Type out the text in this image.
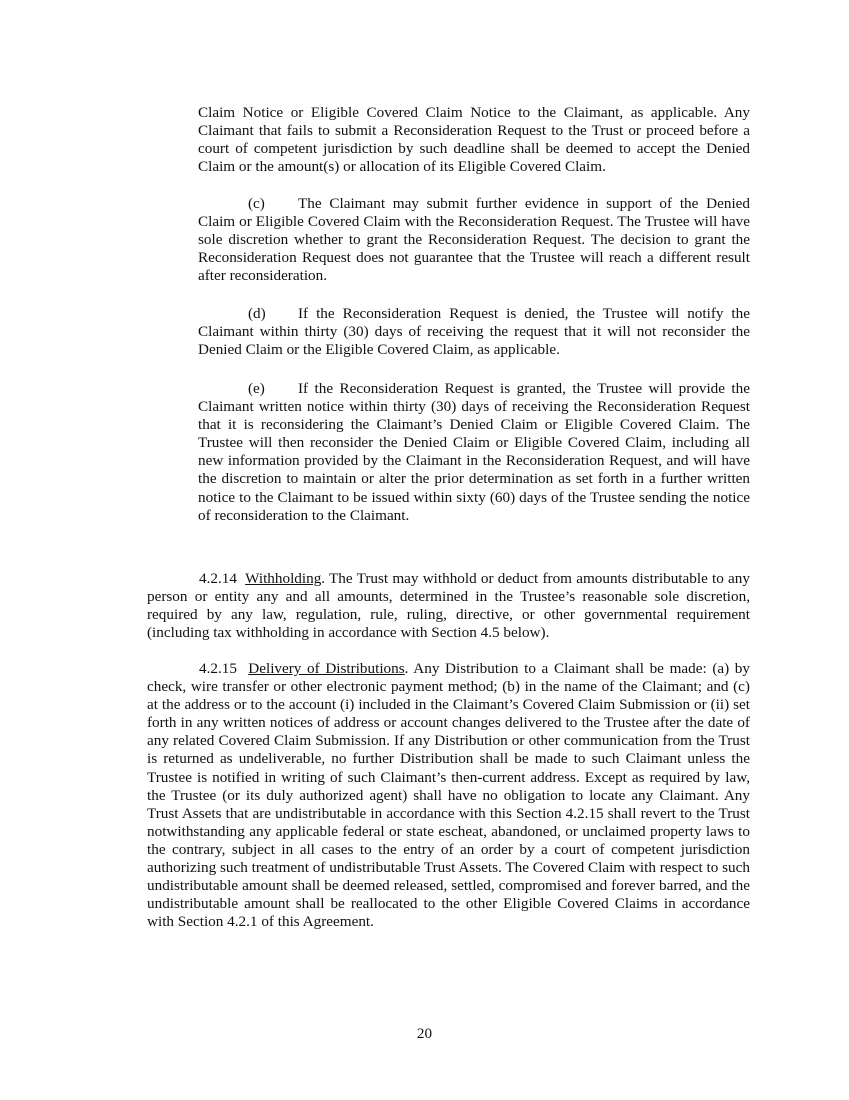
Claim Notice or Eligible Covered Claim Notice to the Claimant, as applicable. Any Claimant that fails to submit a Reconsideration Request to the Trust or proceed before a court of competent jurisdiction by such deadline shall be deemed to accept the Denied Claim or the amount(s) or allocation of its Eligible Covered Claim.

(c) The Claimant may submit further evidence in support of the Denied Claim or Eligible Covered Claim with the Reconsideration Request. The Trustee will have sole discretion whether to grant the Reconsideration Request. The decision to grant the Reconsideration Request does not guarantee that the Trustee will reach a different result after reconsideration.

(d) If the Reconsideration Request is denied, the Trustee will notify the Claimant within thirty (30) days of receiving the request that it will not reconsider the Denied Claim or the Eligible Covered Claim, as applicable.

(e) If the Reconsideration Request is granted, the Trustee will provide the Claimant written notice within thirty (30) days of receiving the Reconsideration Request that it is reconsidering the Claimant’s Denied Claim or Eligible Covered Claim. The Trustee will then reconsider the Denied Claim or Eligible Covered Claim, including all new information provided by the Claimant in the Reconsideration Request, and will have the discretion to maintain or alter the prior determination as set forth in a further written notice to the Claimant to be issued within sixty (60) days of the Trustee sending the notice of reconsideration to the Claimant.

4.2.14 Withholding. The Trust may withhold or deduct from amounts distributable to any person or entity any and all amounts, determined in the Trustee’s reasonable sole discretion, required by any law, regulation, rule, ruling, directive, or other governmental requirement (including tax withholding in accordance with Section 4.5 below).

4.2.15 Delivery of Distributions. Any Distribution to a Claimant shall be made: (a) by check, wire transfer or other electronic payment method; (b) in the name of the Claimant; and (c) at the address or to the account (i) included in the Claimant’s Covered Claim Submission or (ii) set forth in any written notices of address or account changes delivered to the Trustee after the date of any related Covered Claim Submission. If any Distribution or other communication from the Trust is returned as undeliverable, no further Distribution shall be made to such Claimant unless the Trustee is notified in writing of such Claimant’s then-current address. Except as required by law, the Trustee (or its duly authorized agent) shall have no obligation to locate any Claimant. Any Trust Assets that are undistributable in accordance with this Section 4.2.15 shall revert to the Trust notwithstanding any applicable federal or state escheat, abandoned, or unclaimed property laws to the contrary, subject in all cases to the entry of an order by a court of competent jurisdiction authorizing such treatment of undistributable Trust Assets. The Covered Claim with respect to such undistributable amount shall be deemed released, settled, compromised and forever barred, and the undistributable amount shall be reallocated to the other Eligible Covered Claims in accordance with Section 4.2.1 of this Agreement.

20
